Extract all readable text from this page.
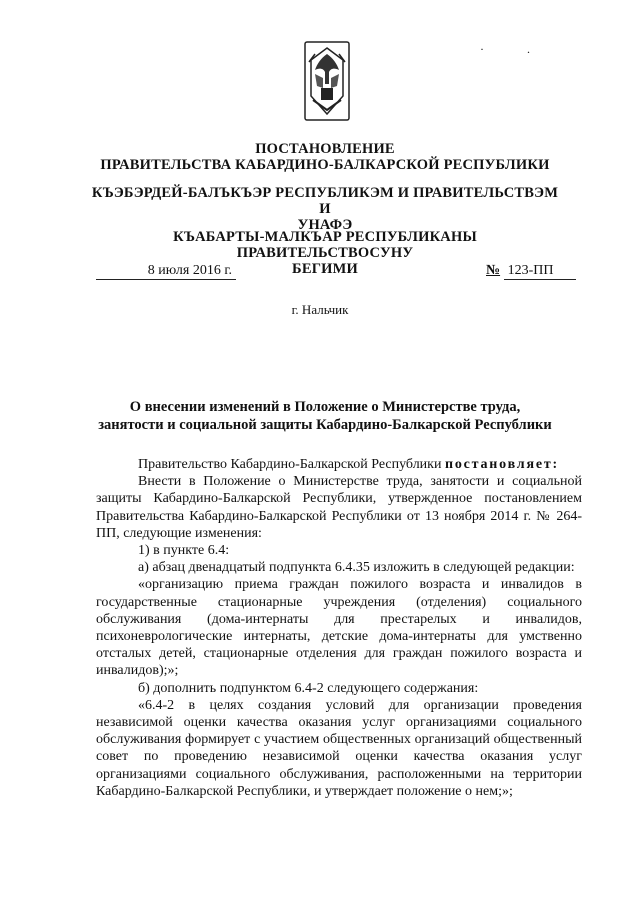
· .
ПОСТАНОВЛЕНИЕ
ПРАВИТЕЛЬСТВА КАБАРДИНО-БАЛКАРСКОЙ РЕСПУБЛИКИ
КЪЭБЭРДЕЙ-БАЛЪКЪЭР РЕСПУБЛИКЭМ И ПРАВИТЕЛЬСТВЭМ И
УНАФЭ
КЪАБАРТЫ-МАЛКЪАР РЕСПУБЛИКАНЫ ПРАВИТЕЛЬСТВОСУНУ
БЕГИМИ
8 июля 2016 г.	№ 123-ПП
г. Нальчик
О внесении изменений в Положение о Министерстве труда,
занятости и социальной защиты Кабардино-Балкарской Республики

Правительство Кабардино-Балкарской Республики постановляет:

Внести в Положение о Министерстве труда, занятости и социальной защиты Кабардино-Балкарской Республики, утвержденное постановлением Правительства Кабардино-Балкарской Республики от 13 ноября 2014 г. № 264-ПП, следующие изменения:

1) в пункте 6.4:

а) абзац двенадцатый подпункта 6.4.35 изложить в следующей редакции:

«организацию приема граждан пожилого возраста и инвалидов в государственные стационарные учреждения (отделения) социального обслуживания (дома-интернаты для престарелых и инвалидов, психоневрологические интернаты, детские дома-интернаты для умственно отсталых детей, стационарные отделения для граждан пожилого возраста и инвалидов);»;

б) дополнить подпунктом 6.4-2 следующего содержания:

«6.4-2 в целях создания условий для организации проведения независимой оценки качества оказания услуг организациями социального обслуживания формирует с участием общественных организаций общественный совет по проведению независимой оценки качества оказания услуг организациями социального обслуживания, расположенными на территории Кабардино-Балкарской Республики, и утверждает положение о нем;»;
